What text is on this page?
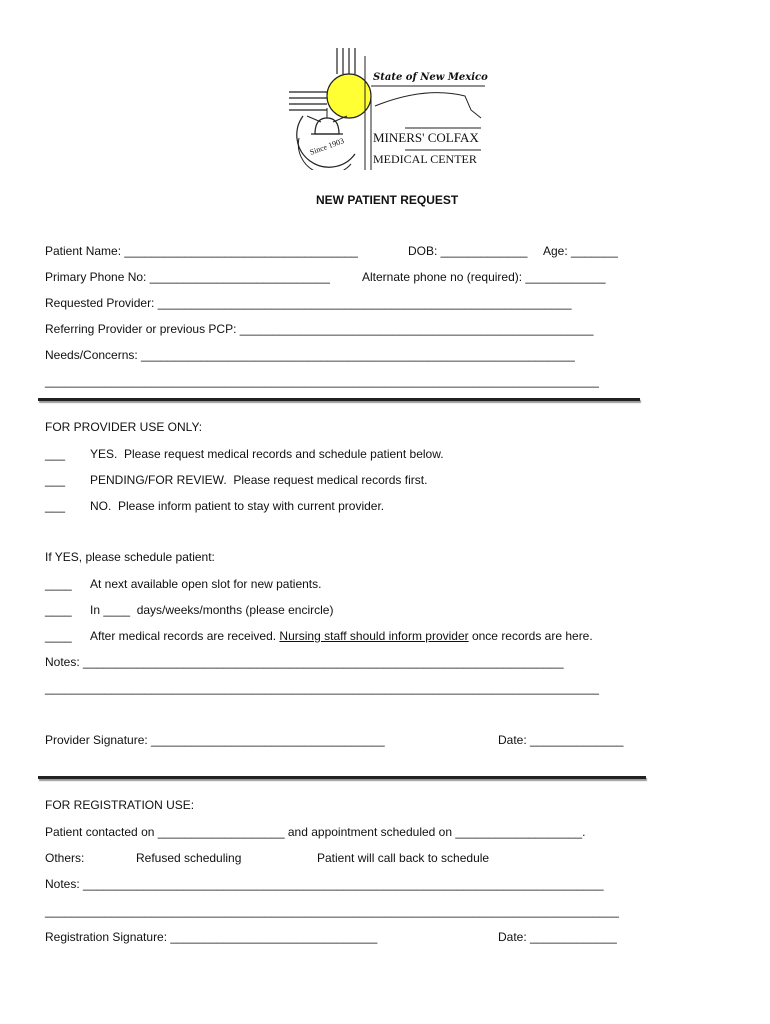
State of New Mexico
MINERS' COLFAX
MEDICAL CENTER
Since 1903
NEW PATIENT REQUEST
Patient Name: ___________________________________	DOB: _____________ Age: _______
Primary Phone No: ___________________________	Alternate phone no (required): ____________
Requested Provider: ______________________________________________________________
Referring Provider or previous PCP: _____________________________________________________
Needs/Concerns: _________________________________________________________________
___________________________________________________________________________________
FOR PROVIDER USE ONLY:
___ YES.  Please request medical records and schedule patient below.
___ PENDING/FOR REVIEW.  Please request medical records first.
___ NO.  Please inform patient to stay with current provider.
If YES, please schedule patient:
____ At next available open slot for new patients.
____ In ____  days/weeks/months (please encircle)
____ After medical records are received. Nursing staff should inform provider once records are here.
Notes: ________________________________________________________________________
___________________________________________________________________________________
Provider Signature: ___________________________________	Date: ______________
FOR REGISTRATION USE:
Patient contacted on ___________________ and appointment scheduled on ___________________.
Others:	Refused scheduling	Patient will call back to schedule
Notes: ______________________________________________________________________________
______________________________________________________________________________________
Registration Signature: _______________________________	Date: _____________
